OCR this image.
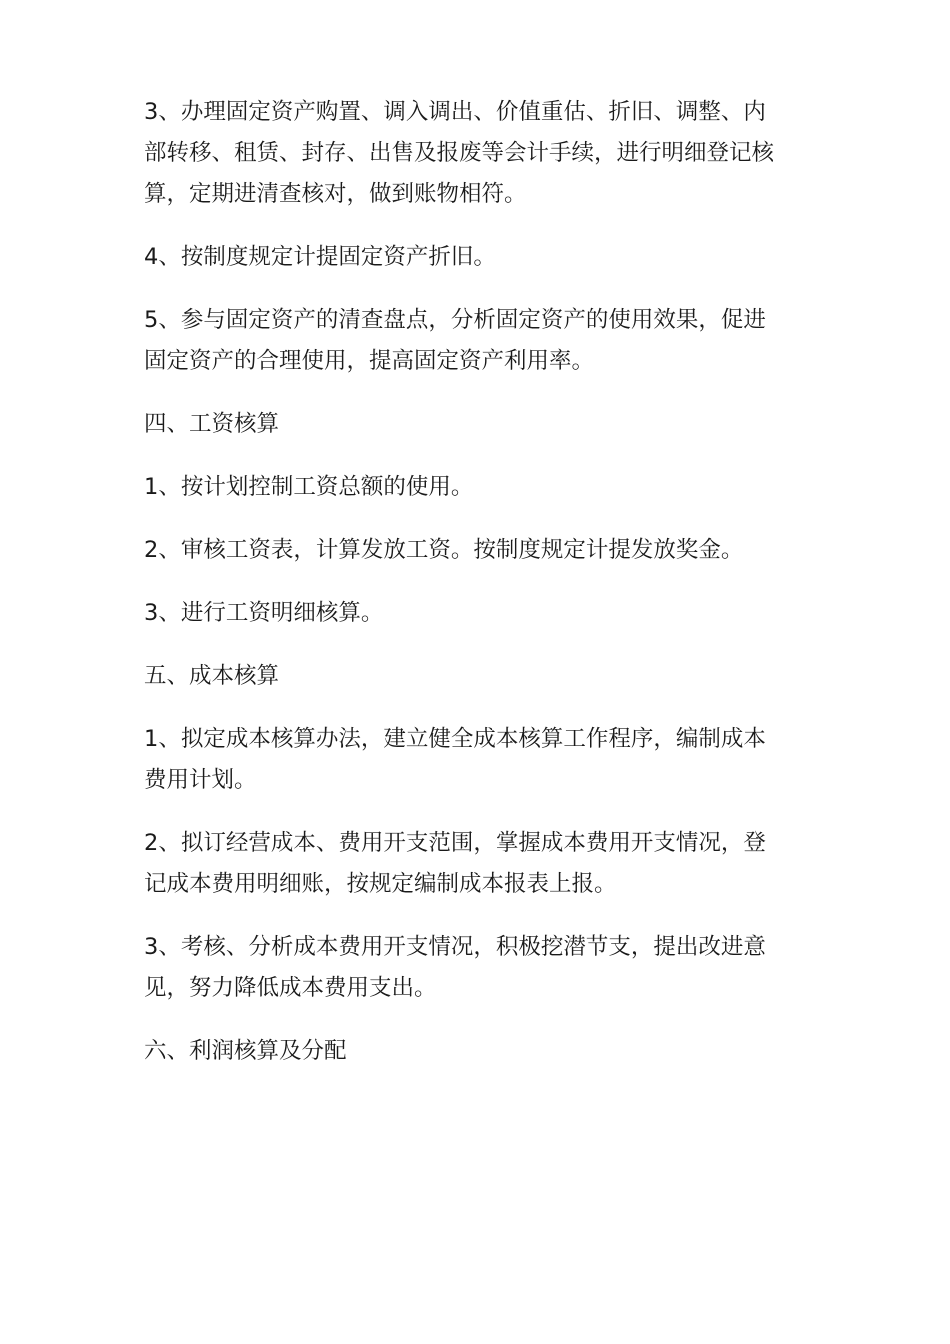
3、办理固定资产购置、调入调出、价值重估、折旧、调整、内
部转移、租赁、封存、出售及报废等会计手续，进行明细登记核
算，定期进清查核对，做到账物相符。

4、按制度规定计提固定资产折旧。

5、参与固定资产的清查盘点，分析固定资产的使用效果，促进
固定资产的合理使用，提高固定资产利用率。

四、工资核算

1、按计划控制工资总额的使用。

2、审核工资表，计算发放工资。按制度规定计提发放奖金。

3、进行工资明细核算。

五、成本核算

1、拟定成本核算办法，建立健全成本核算工作程序，编制成本
费用计划。

2、拟订经营成本、费用开支范围，掌握成本费用开支情况，登
记成本费用明细账，按规定编制成本报表上报。

3、考核、分析成本费用开支情况，积极挖潜节支，提出改进意
见，努力降低成本费用支出。

六、利润核算及分配
